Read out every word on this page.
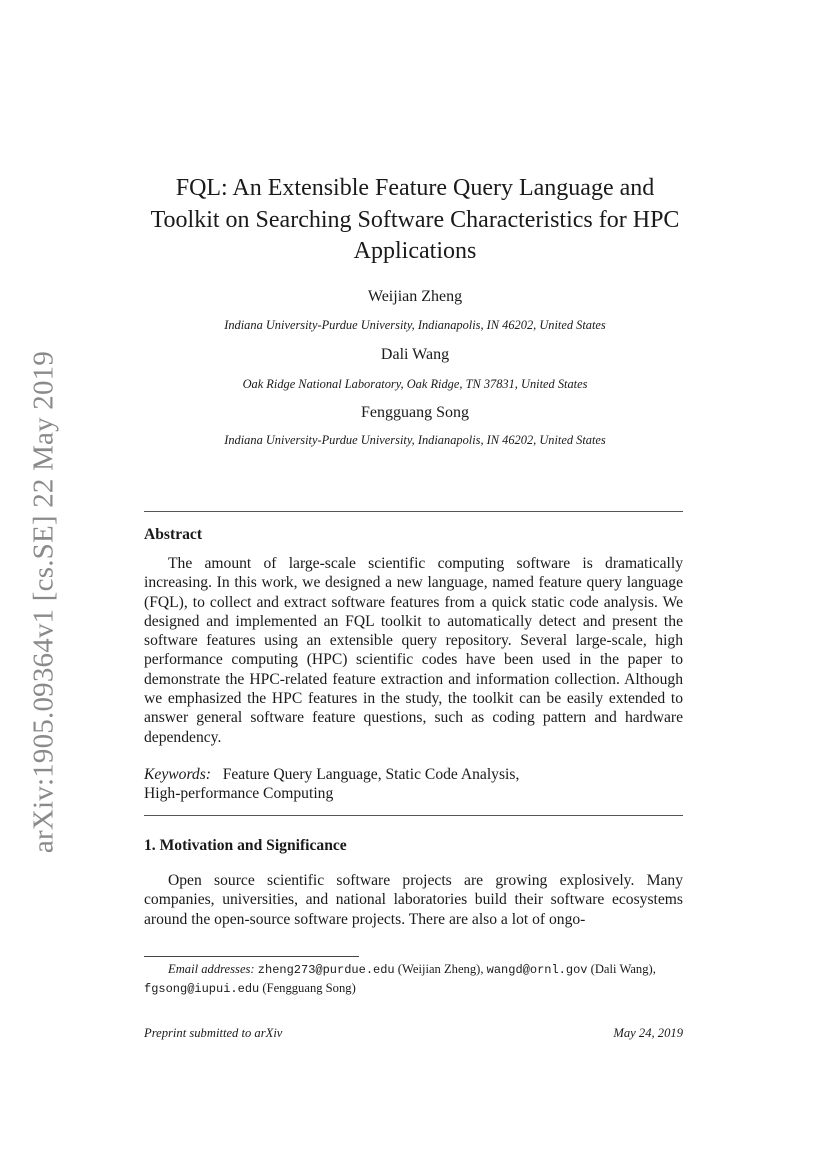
arXiv:1905.09364v1 [cs.SE] 22 May 2019
FQL: An Extensible Feature Query Language and
Toolkit on Searching Software Characteristics for HPC
Applications
Weijian Zheng
Indiana University-Purdue University, Indianapolis, IN 46202, United States
Dali Wang
Oak Ridge National Laboratory, Oak Ridge, TN 37831, United States
Fengguang Song
Indiana University-Purdue University, Indianapolis, IN 46202, United States
Abstract
The amount of large-scale scientific computing software is dramatically increasing. In this work, we designed a new language, named feature query language (FQL), to collect and extract software features from a quick static code analysis. We designed and implemented an FQL toolkit to automatically detect and present the software features using an extensible query repository. Several large-scale, high performance computing (HPC) scientific codes have been used in the paper to demonstrate the HPC-related feature extraction and information collection. Although we emphasized the HPC features in the study, the toolkit can be easily extended to answer general software feature questions, such as coding pattern and hardware dependency.
Keywords: Feature Query Language, Static Code Analysis,
High-performance Computing
1. Motivation and Significance
Open source scientific software projects are growing explosively. Many companies, universities, and national laboratories build their software ecosystems around the open-source software projects. There are also a lot of ongo-
Email addresses: zheng273@purdue.edu (Weijian Zheng), wangd@ornl.gov (Dali Wang), fgsong@iupui.edu (Fengguang Song)
Preprint submitted to arXiv	May 24, 2019
